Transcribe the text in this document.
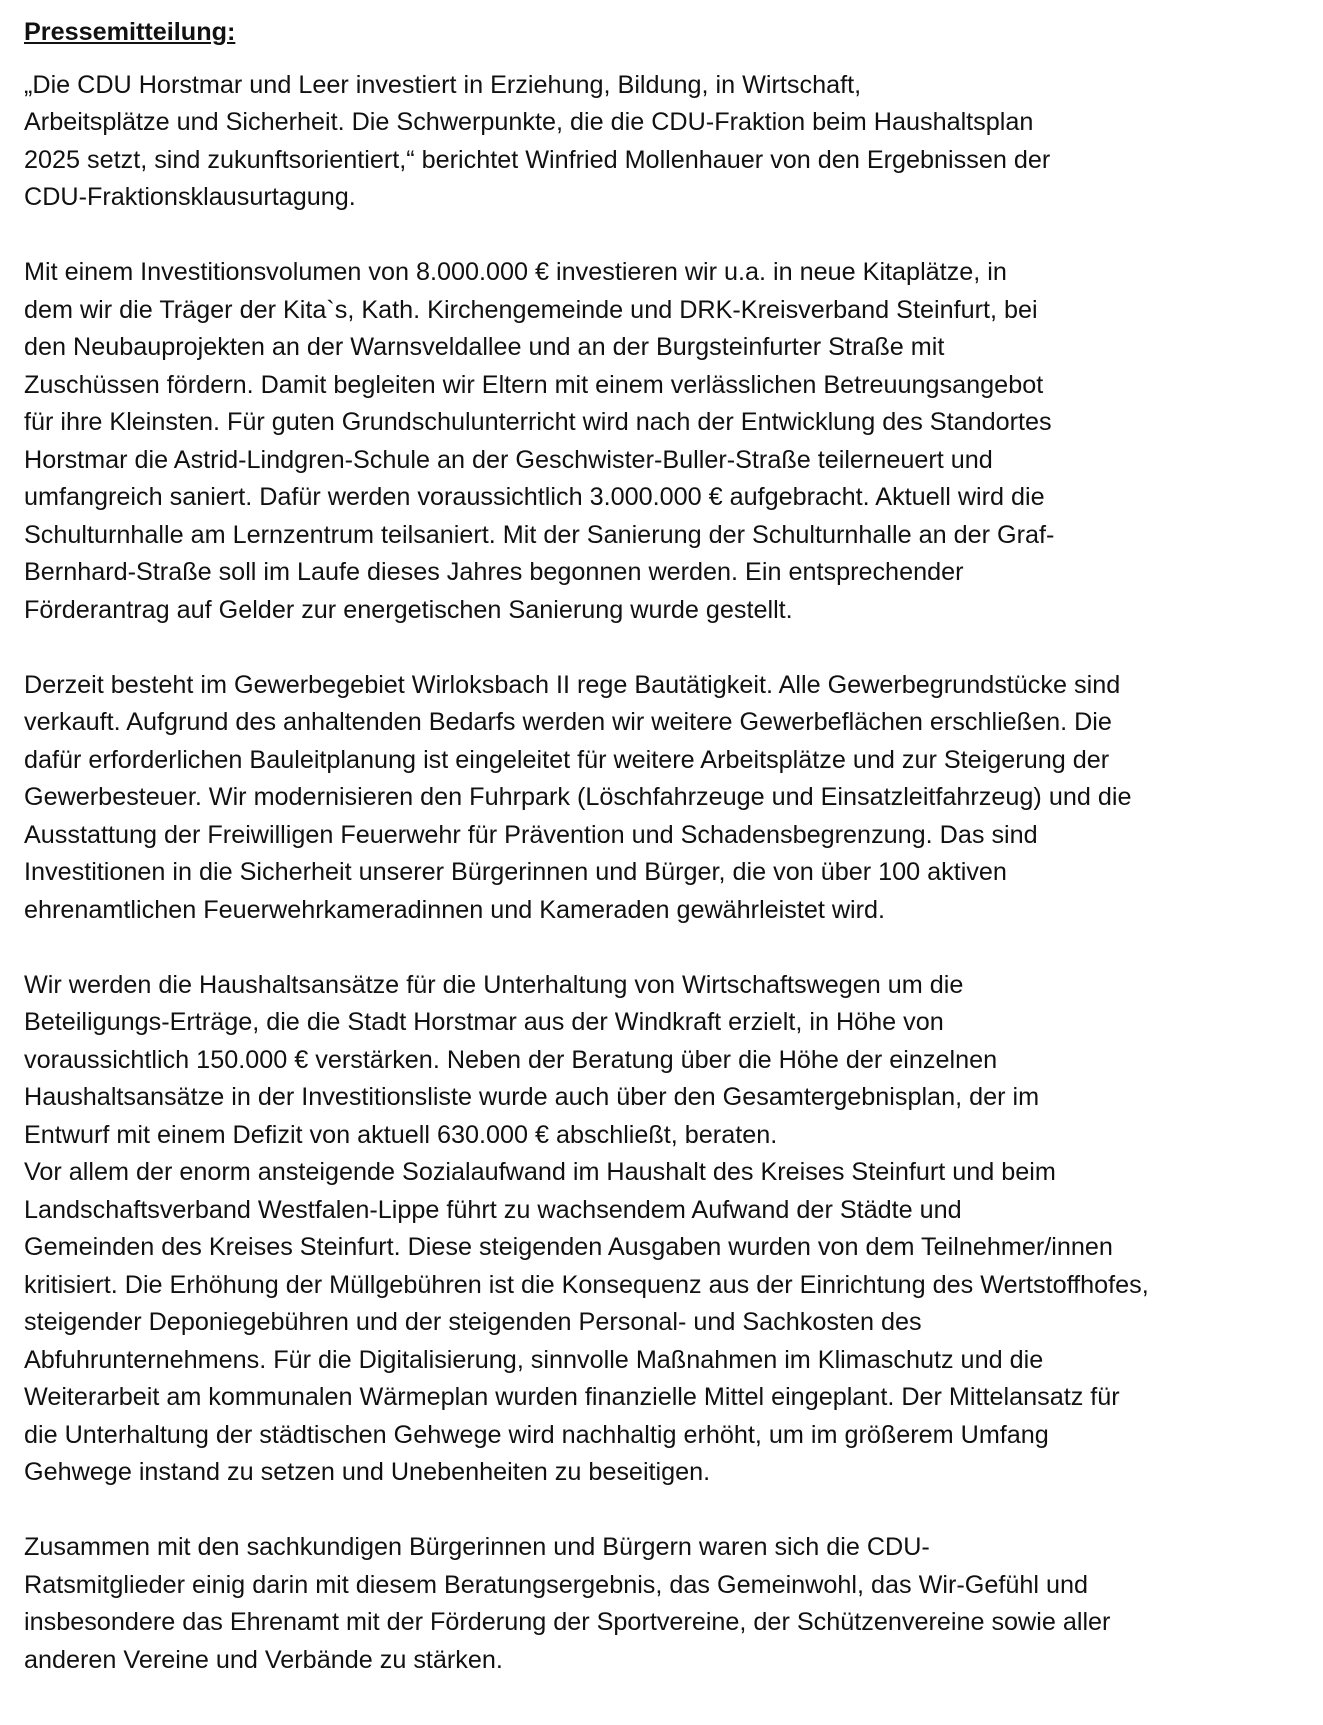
Pressemitteilung:
„Die CDU Horstmar und Leer investiert in Erziehung, Bildung, in Wirtschaft,
Arbeitsplätze und Sicherheit. Die Schwerpunkte, die die CDU-Fraktion beim Haushaltsplan
2025 setzt, sind zukunftsorientiert,“ berichtet Winfried Mollenhauer von den Ergebnissen der
CDU-Fraktionsklausurtagung.
Mit einem Investitionsvolumen von 8.000.000 € investieren wir u.a. in neue Kitaplätze, in
dem wir die Träger der Kita`s, Kath. Kirchengemeinde und DRK-Kreisverband Steinfurt, bei
den Neubauprojekten an der Warnsveldallee und an der Burgsteinfurter Straße mit
Zuschüssen fördern. Damit begleiten wir Eltern mit einem verlässlichen Betreuungsangebot
für ihre Kleinsten. Für guten Grundschulunterricht wird nach der Entwicklung des Standortes
Horstmar die Astrid-Lindgren-Schule an der Geschwister-Buller-Straße teilerneuert und
umfangreich saniert. Dafür werden voraussichtlich 3.000.000 € aufgebracht. Aktuell wird die
Schulturnhalle am Lernzentrum teilsaniert. Mit der Sanierung der Schulturnhalle an der Graf-
Bernhard-Straße soll im Laufe dieses Jahres begonnen werden. Ein entsprechender
Förderantrag auf Gelder zur energetischen Sanierung wurde gestellt.
Derzeit besteht im Gewerbegebiet Wirloksbach II rege Bautätigkeit. Alle Gewerbegrundstücke sind
verkauft. Aufgrund des anhaltenden Bedarfs werden wir weitere Gewerbeflächen erschließen. Die
dafür erforderlichen Bauleitplanung ist eingeleitet für weitere Arbeitsplätze und zur Steigerung der
Gewerbesteuer. Wir modernisieren den Fuhrpark (Löschfahrzeuge und Einsatzleitfahrzeug) und die
Ausstattung der Freiwilligen Feuerwehr für Prävention und Schadensbegrenzung. Das sind
Investitionen in die Sicherheit unserer Bürgerinnen und Bürger, die von über 100 aktiven
ehrenamtlichen Feuerwehrkameradinnen und Kameraden gewährleistet wird.
Wir werden die Haushaltsansätze für die Unterhaltung von Wirtschaftswegen um die
Beteiligungs-Erträge, die die Stadt Horstmar aus der Windkraft erzielt, in Höhe von
voraussichtlich 150.000 € verstärken. Neben der Beratung über die Höhe der einzelnen
Haushaltsansätze in der Investitionsliste wurde auch über den Gesamtergebnisplan, der im
Entwurf mit einem Defizit von aktuell 630.000 € abschließt, beraten.
Vor allem der enorm ansteigende Sozialaufwand im Haushalt des Kreises Steinfurt und beim
Landschaftsverband Westfalen-Lippe führt zu wachsendem Aufwand der Städte und
Gemeinden des Kreises Steinfurt. Diese steigenden Ausgaben wurden von dem Teilnehmer/innen
kritisiert. Die Erhöhung der Müllgebühren ist die Konsequenz aus der Einrichtung des Wertstoffhofes,
steigender Deponiegebühren und der steigenden Personal- und Sachkosten des
Abfuhrunternehmens. Für die Digitalisierung, sinnvolle Maßnahmen im Klimaschutz und die
Weiterarbeit am kommunalen Wärmeplan wurden finanzielle Mittel eingeplant. Der Mittelansatz für
die Unterhaltung der städtischen Gehwege wird nachhaltig erhöht, um im größerem Umfang
Gehwege instand zu setzen und Unebenheiten zu beseitigen.
Zusammen mit den sachkundigen Bürgerinnen und Bürgern waren sich die CDU-
Ratsmitglieder einig darin mit diesem Beratungsergebnis, das Gemeinwohl, das Wir-Gefühl und
insbesondere das Ehrenamt mit der Förderung der Sportvereine, der Schützenvereine sowie aller
anderen Vereine und Verbände zu stärken.
